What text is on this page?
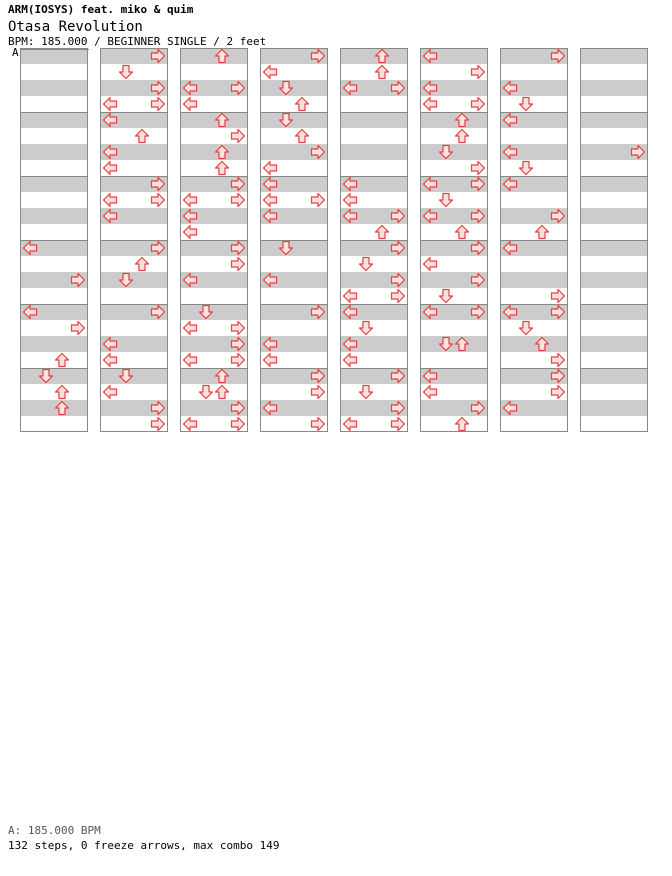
ARM(IOSYS) feat. miko & quim
Otasa Revolution
BPM: 185.000 / BEGINNER SINGLE / 2 feet
A
A: 185.000 BPM
132 steps, 0 freeze arrows, max combo 149
